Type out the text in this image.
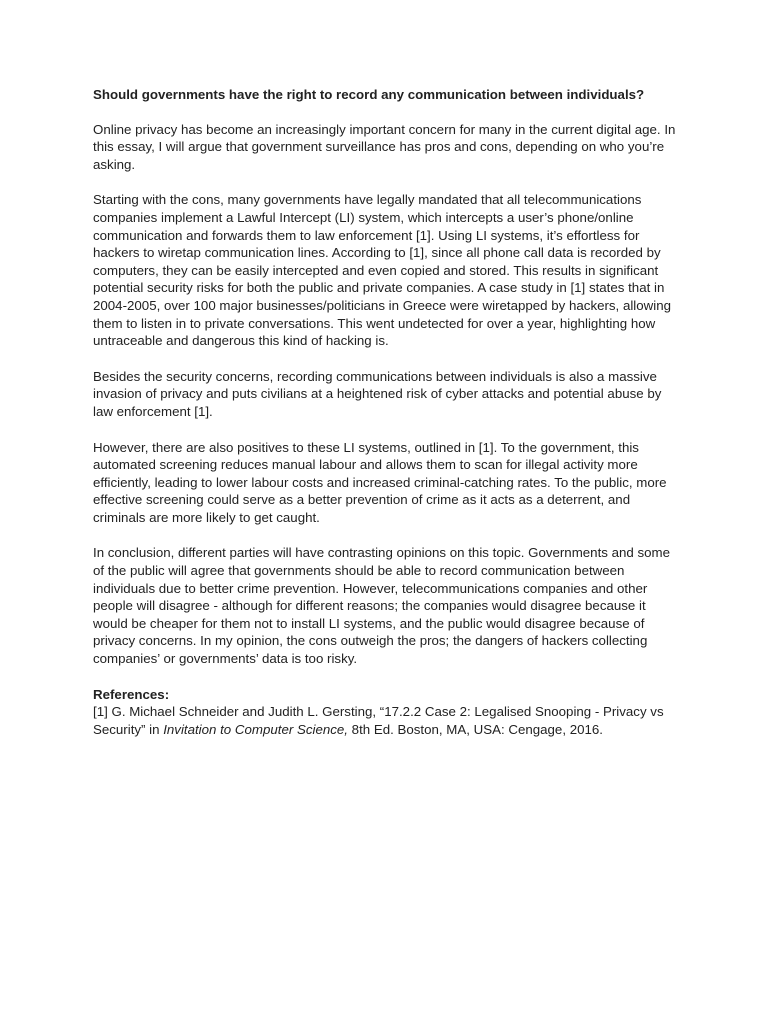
Should governments have the right to record any communication between individuals?

Online privacy has become an increasingly important concern for many in the current digital age. In this essay, I will argue that government surveillance has pros and cons, depending on who you’re asking.

Starting with the cons, many governments have legally mandated that all telecommunications companies implement a Lawful Intercept (LI) system, which intercepts a user’s phone/online communication and forwards them to law enforcement [1]. Using LI systems, it’s effortless for hackers to wiretap communication lines. According to [1], since all phone call data is recorded by computers, they can be easily intercepted and even copied and stored. This results in significant potential security risks for both the public and private companies. A case study in [1] states that in 2004-2005, over 100 major businesses/politicians in Greece were wiretapped by hackers, allowing them to listen in to private conversations. This went undetected for over a year, highlighting how untraceable and dangerous this kind of hacking is.

Besides the security concerns, recording communications between individuals is also a massive invasion of privacy and puts civilians at a heightened risk of cyber attacks and potential abuse by law enforcement [1].

However, there are also positives to these LI systems, outlined in [1]. To the government, this automated screening reduces manual labour and allows them to scan for illegal activity more efficiently, leading to lower labour costs and increased criminal-catching rates. To the public, more effective screening could serve as a better prevention of crime as it acts as a deterrent, and criminals are more likely to get caught.

In conclusion, different parties will have contrasting opinions on this topic. Governments and some of the public will agree that governments should be able to record communication between individuals due to better crime prevention. However, telecommunications companies and other people will disagree - although for different reasons; the companies would disagree because it would be cheaper for them not to install LI systems, and the public would disagree because of privacy concerns. In my opinion, the cons outweigh the pros; the dangers of hackers collecting companies’ or governments’ data is too risky.

References:

[1] G. Michael Schneider and Judith L. Gersting, “17.2.2 Case 2: Legalised Snooping - Privacy vs Security” in Invitation to Computer Science, 8th Ed. Boston, MA, USA: Cengage, 2016.
